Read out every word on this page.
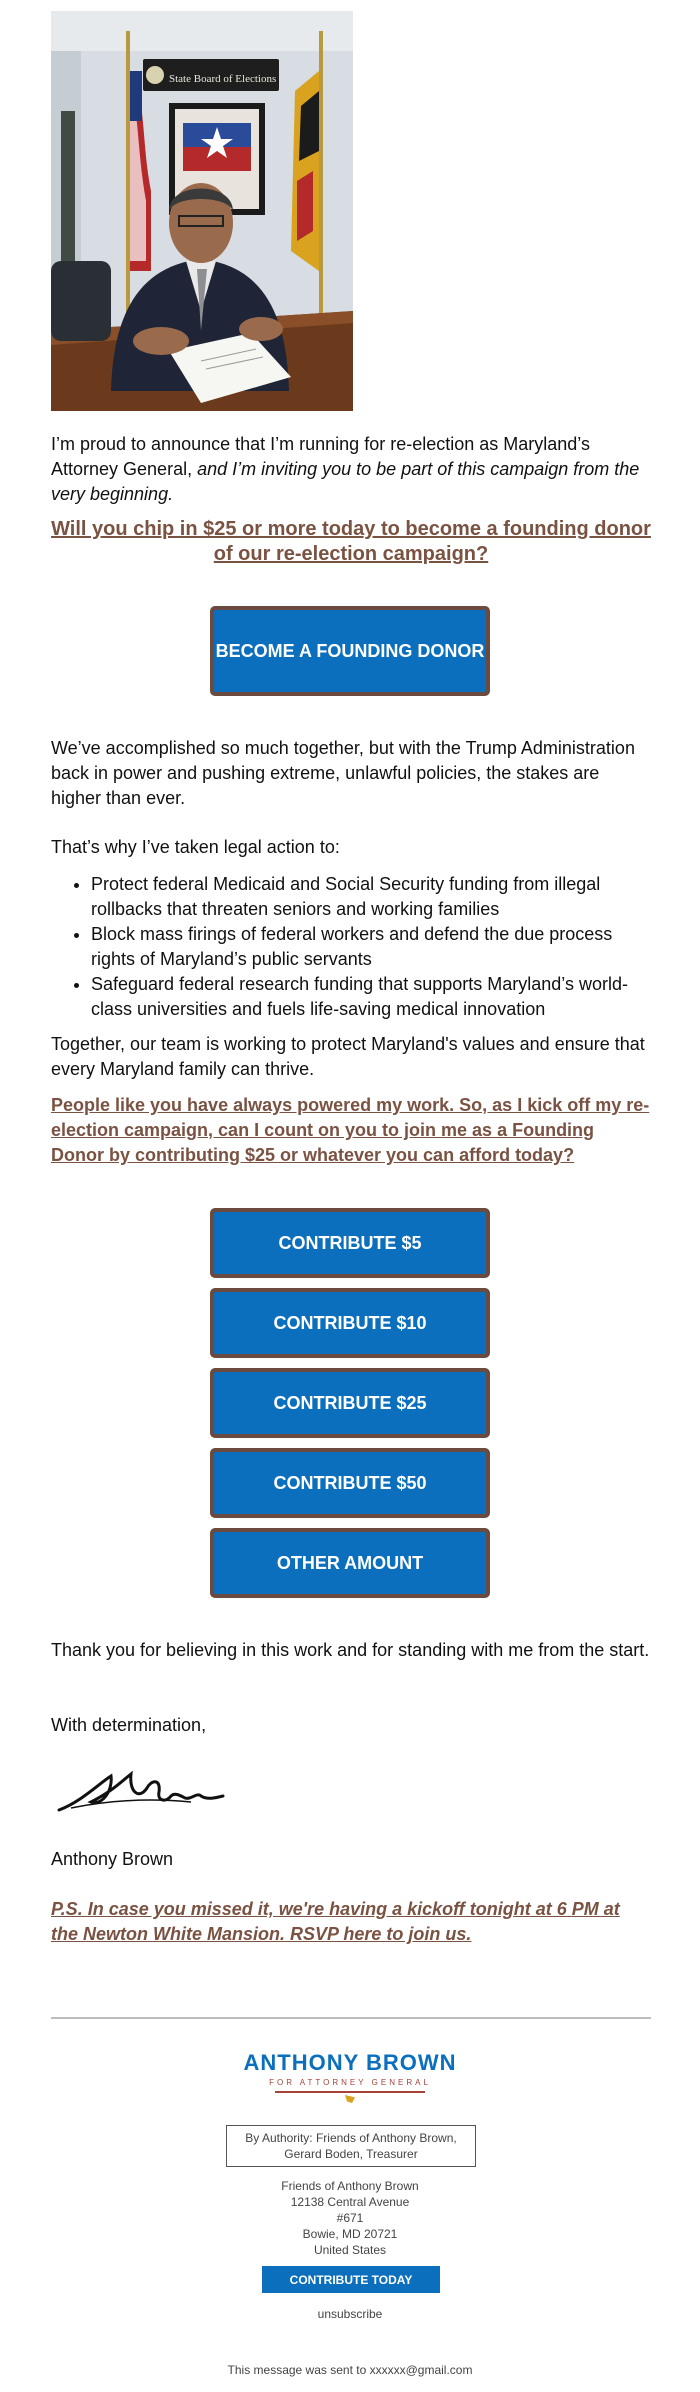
State Board of Elections

I’m proud to announce that I’m running for re-election as Maryland’s Attorney General, and I’m inviting you to be part of this campaign from the very beginning.

Will you chip in $25 or more today to become a founding donor of our re-election campaign?

BECOME A FOUNDING DONOR

We’ve accomplished so much together, but with the Trump Administration back in power and pushing extreme, unlawful policies, the stakes are higher than ever.

That’s why I’ve taken legal action to:

• Protect federal Medicaid and Social Security funding from illegal rollbacks that threaten seniors and working families
• Block mass firings of federal workers and defend the due process rights of Maryland’s public servants
• Safeguard federal research funding that supports Maryland’s world-class universities and fuels life-saving medical innovation

Together, our team is working to protect Maryland's values and ensure that every Maryland family can thrive.

People like you have always powered my work. So, as I kick off my re-election campaign, can I count on you to join me as a Founding Donor by contributing $25 or whatever you can afford today?

CONTRIBUTE $5
CONTRIBUTE $10
CONTRIBUTE $25
CONTRIBUTE $50
OTHER AMOUNT

Thank you for believing in this work and for standing with me from the start.

With determination,

Anthony Brown

P.S. In case you missed it, we're having a kickoff tonight at 6 PM at the Newton White Mansion. RSVP here to join us.

ANTHONY BROWN
FOR ATTORNEY GENERAL
By Authority: Friends of Anthony Brown,
Gerard Boden, Treasurer
Friends of Anthony Brown
12138 Central Avenue
#671
Bowie, MD 20721
United States
CONTRIBUTE TODAY
unsubscribe
This message was sent to xxxxxx@gmail.com
